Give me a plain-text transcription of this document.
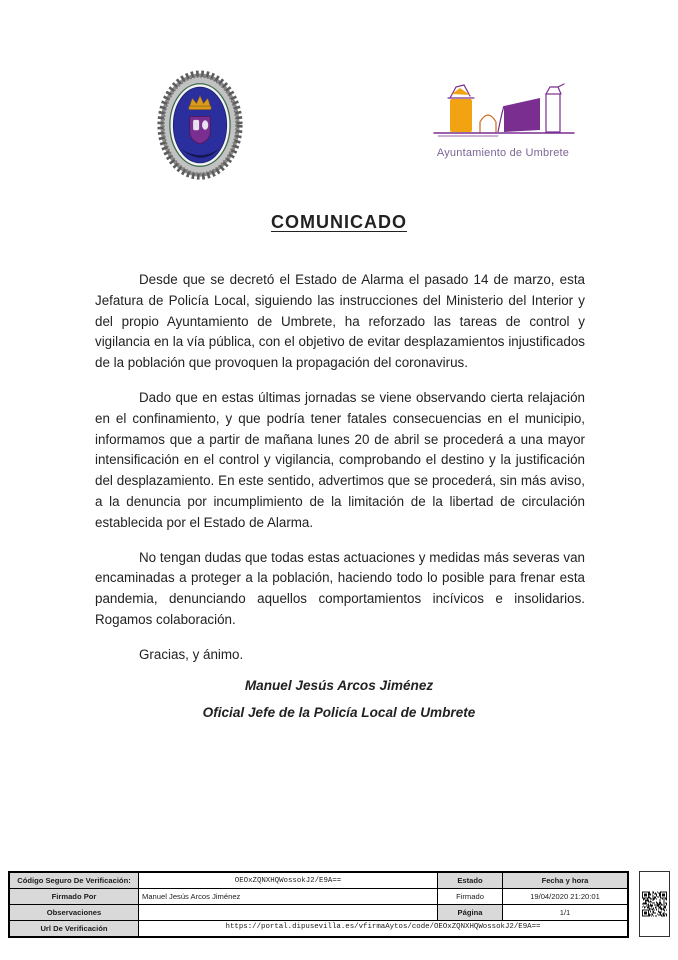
Ayuntamiento de Umbrete
COMUNICADO

Desde que se decretó el Estado de Alarma el pasado 14 de marzo, esta Jefatura de Policía Local, siguiendo las instrucciones del Ministerio del Interior y del propio Ayuntamiento de Umbrete, ha reforzado las tareas de control y vigilancia en la vía pública, con el objetivo de evitar desplazamientos injustificados de la población que provoquen la propagación del coronavirus.

Dado que en estas últimas jornadas se viene observando cierta relajación en el confinamiento, y que podría tener fatales consecuencias en el municipio, informamos que a partir de mañana lunes 20 de abril se procederá a una mayor intensificación en el control y vigilancia, comprobando el destino y la justificación del desplazamiento. En este sentido, advertimos que se procederá, sin más aviso, a la denuncia por incumplimiento de la limitación de la libertad de circulación establecida por el Estado de Alarma.

No tengan dudas que todas estas actuaciones y medidas más severas van encaminadas a proteger a la población, haciendo todo lo posible para frenar esta pandemia, denunciando aquellos comportamientos incívicos e insolidarios. Rogamos colaboración.

Gracias, y ánimo.

Manuel Jesús Arcos Jiménez
Oficial Jefe de la Policía Local de Umbrete
Código Seguro De Verificación:	OEOxZQNXHQWossokJ2/E9A==	Estado	Fecha y hora
Firmado Por	Manuel Jesús Arcos Jiménez	Firmado	19/04/2020 21:20:01
Observaciones		Página	1/1
Url De Verificación	https://portal.dipusevilla.es/vfirmaAytos/code/OEOxZQNXHQWossokJ2/E9A==		
